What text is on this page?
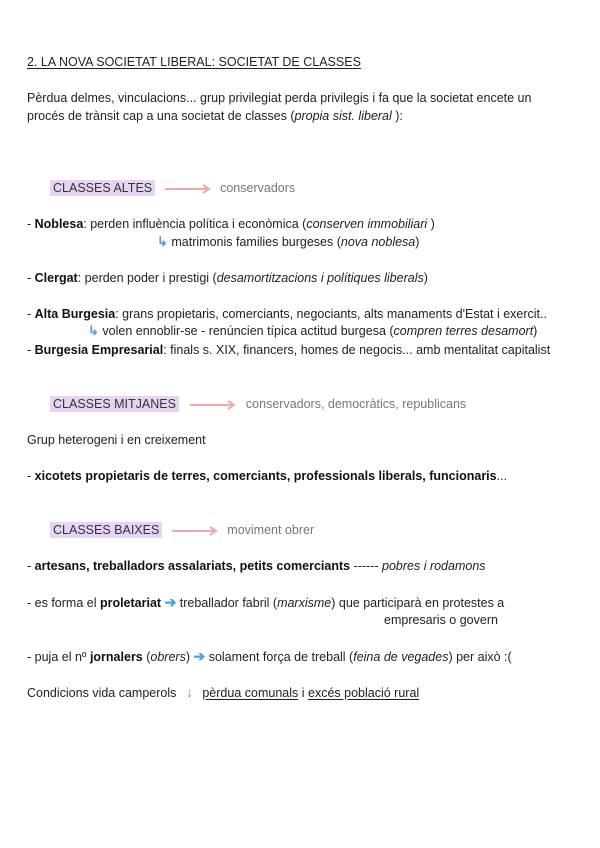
2. LA NOVA SOCIETAT LIBERAL: SOCIETAT DE CLASSES
Pèrdua delmes, vinculacions... grup privilegiat perda privilegis i fa que la societat encete un
procés de trànsit cap a una societat de classes (propia sist. liberal ):
CLASSES ALTES	conservadors
- Noblesa: perden influència política i econòmica (conserven immobiliari )
↳ matrimonis families burgeses (nova noblesa)
- Clergat: perden poder i prestigi (desamortitzacions i polítiques liberals)
- Alta Burgesia: grans propietaris, comerciants, negociants, alts manaments d'Estat i exercit..
↳ volen ennoblir-se - renúncien típica actitud burgesa (compren terres desamort)
- Burgesia Empresarial: finals s. XIX, financers, homes de negocis... amb mentalitat capitalist
CLASSES MITJANES	conservadors, democràtics, republicans
Grup heterogeni i en creixement
- xicotets propietaris de terres, comerciants, professionals liberals, funcionaris...
CLASSES BAIXES	moviment obrer
- artesans, treballadors assalariats, petits comerciants ------ pobres i rodamons
- es forma el proletariat ➔ treballador fabril (marxisme) que participarà en protestes a
empresaris o govern
- puja el nº jornalers (obrers) ➔ solament força de treball (feina de vegades) per això :(
Condicions vida camperols ↓ pèrdua comunals i excés població rural
